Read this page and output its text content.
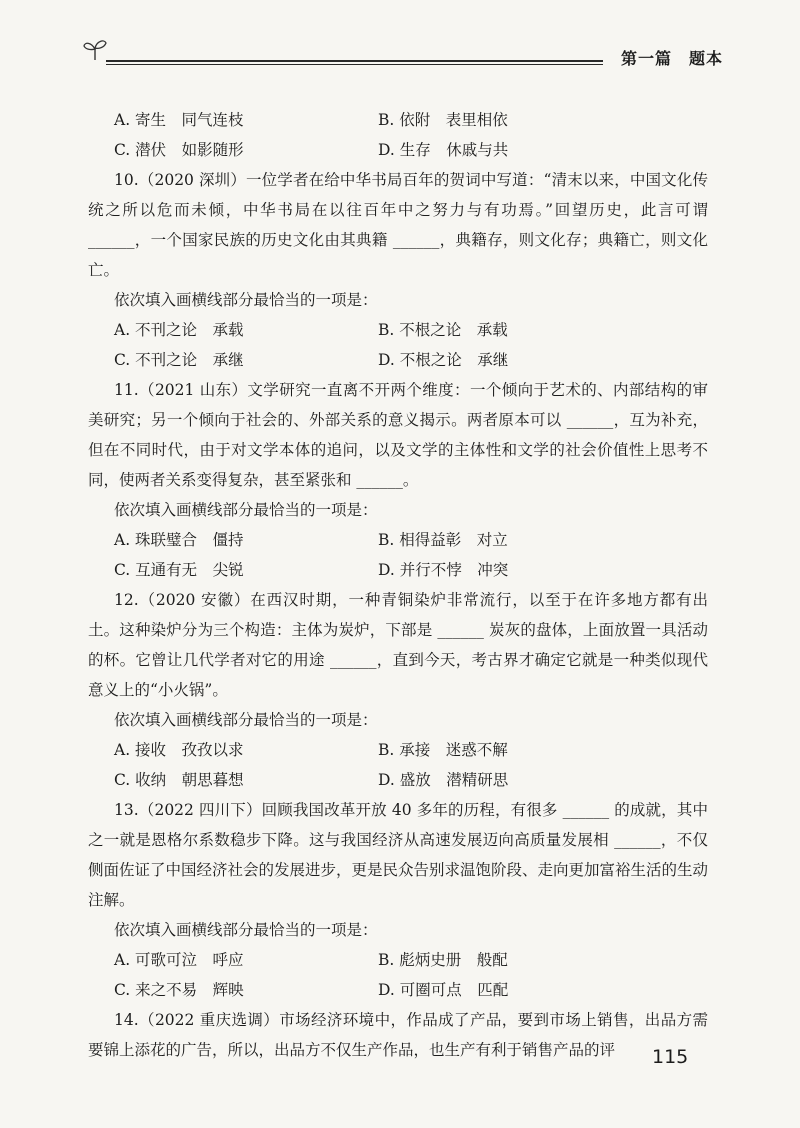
第一篇　题本
A. 寄生　同气连枝	B. 依附　表里相依
C. 潜伏　如影随形	D. 生存　休戚与共
10.（2020 深圳）一位学者在给中华书局百年的贺词中写道：“清末以来，中国文化传统之所以危而未倾，中华书局在以往百年中之努力与有功焉。”回望历史，此言可谓 ______，一个国家民族的历史文化由其典籍 ______，典籍存，则文化存；典籍亡，则文化亡。
依次填入画横线部分最恰当的一项是：
A. 不刊之论　承载	B. 不根之论　承载
C. 不刊之论　承继	D. 不根之论　承继
11.（2021 山东）文学研究一直离不开两个维度：一个倾向于艺术的、内部结构的审美研究；另一个倾向于社会的、外部关系的意义揭示。两者原本可以 ______，互为补充，但在不同时代，由于对文学本体的追问，以及文学的主体性和文学的社会价值性上思考不同，使两者关系变得复杂，甚至紧张和 ______。
依次填入画横线部分最恰当的一项是：
A. 珠联璧合　僵持	B. 相得益彰　对立
C. 互通有无　尖锐	D. 并行不悖　冲突
12.（2020 安徽）在西汉时期，一种青铜染炉非常流行，以至于在许多地方都有出土。这种染炉分为三个构造：主体为炭炉，下部是 ______ 炭灰的盘体，上面放置一具活动的杯。它曾让几代学者对它的用途 ______，直到今天，考古界才确定它就是一种类似现代意义上的“小火锅”。
依次填入画横线部分最恰当的一项是：
A. 接收　孜孜以求	B. 承接　迷惑不解
C. 收纳　朝思暮想	D. 盛放　潜精研思
13.（2022 四川下）回顾我国改革开放 40 多年的历程，有很多 ______ 的成就，其中之一就是恩格尔系数稳步下降。这与我国经济从高速发展迈向高质量发展相 ______，不仅侧面佐证了中国经济社会的发展进步，更是民众告别求温饱阶段、走向更加富裕生活的生动注解。
依次填入画横线部分最恰当的一项是：
A. 可歌可泣　呼应	B. 彪炳史册　般配
C. 来之不易　辉映	D. 可圈可点　匹配
14.（2022 重庆选调）市场经济环境中，作品成了产品，要到市场上销售，出品方需要锦上添花的广告，所以，出品方不仅生产作品，也生产有利于销售产品的评	115
